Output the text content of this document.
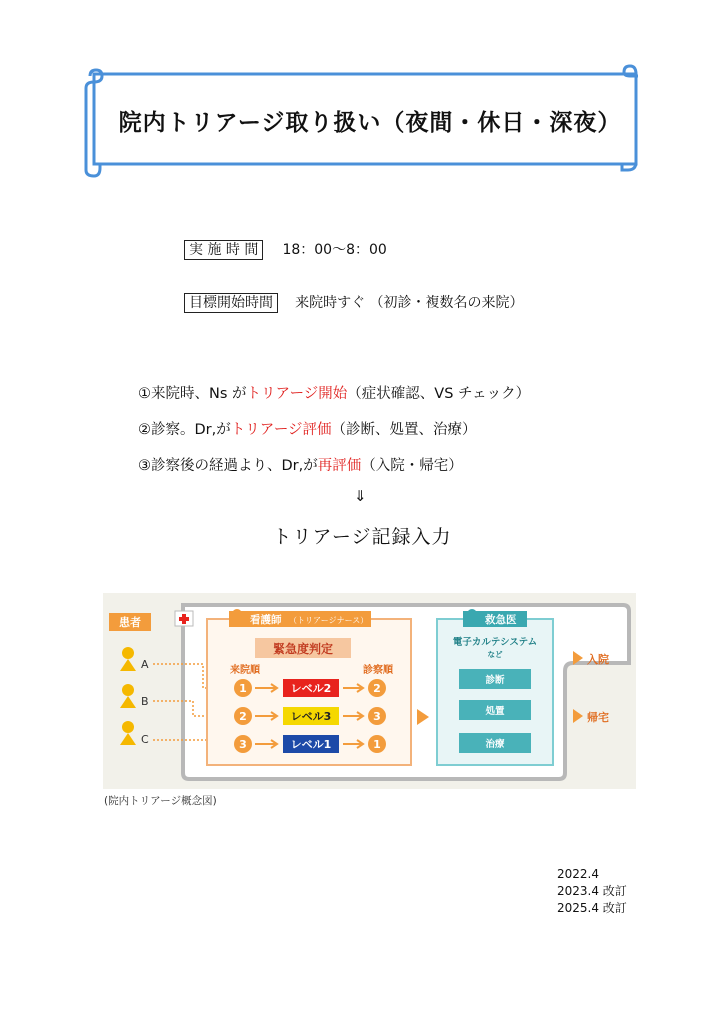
院内トリアージ取り扱い（夜間・休日・深夜）
実 施 時 間 18：00〜8：00
目標開始時間 来院時すぐ （初診・複数名の来院）
①来院時、Ns がトリアージ開始（症状確認、VS チェック）
②診察。Dr,がトリアージ評価（診断、処置、治療）
③診察後の経過より、Dr,が再評価（入院・帰宅）
⇓
トリアージ記録入力
患者
A
B
C
看護師 （トリアージナース）
緊急度判定
来院順	診察順
1	レベル2	2
2	レベル3	3
3	レベル1	1
救急医
電子カルテシステム
など
診断
処置
治療
入院
帰宅
(院内トリアージ概念図)
2022.4
2023.4 改訂
2025.4 改訂
